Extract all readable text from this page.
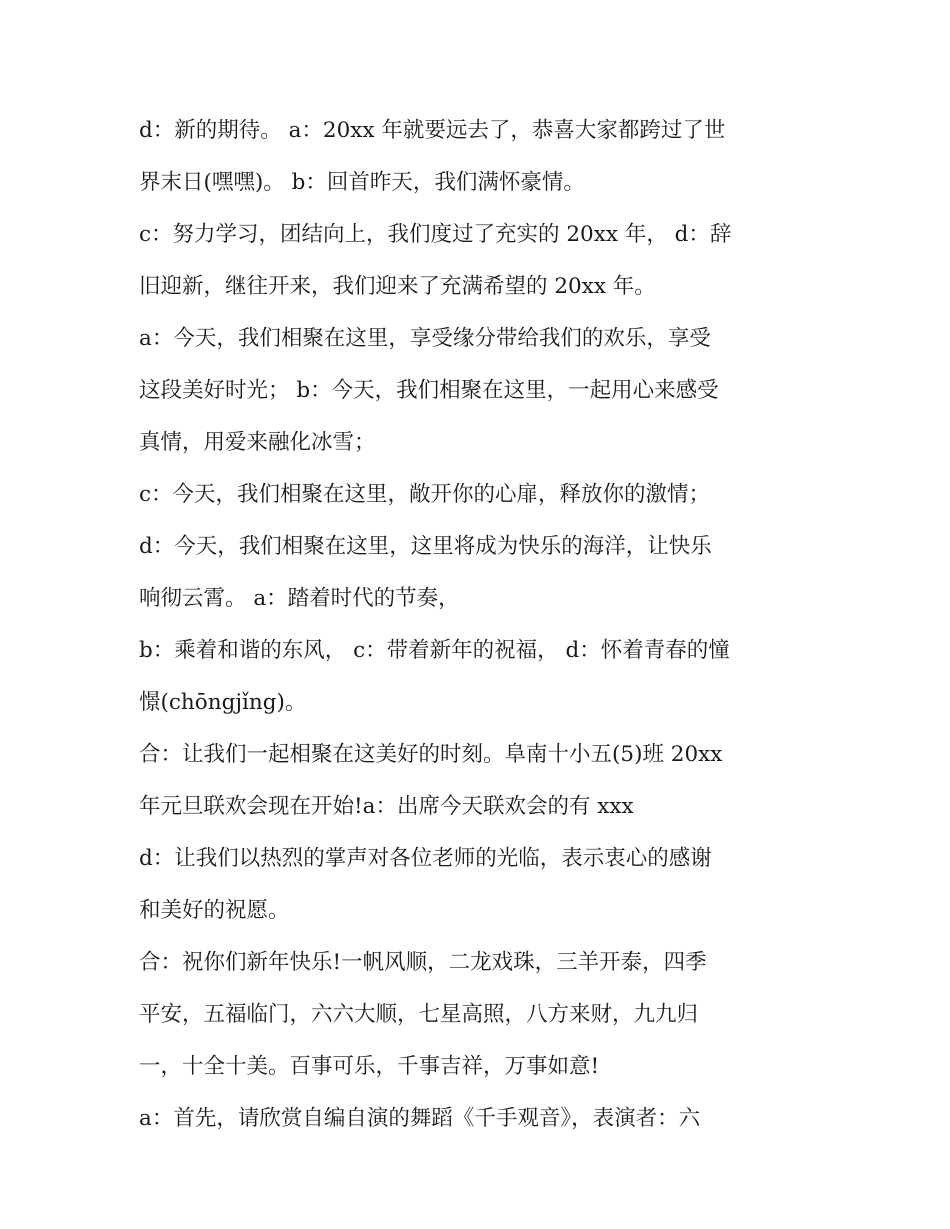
d：新的期待。 a：20xx 年就要远去了，恭喜大家都跨过了世
界末日(嘿嘿)。 b：回首昨天，我们满怀豪情。
c：努力学习，团结向上，我们度过了充实的 20xx 年， d：辞
旧迎新，继往开来，我们迎来了充满希望的 20xx 年。
a：今天，我们相聚在这里，享受缘分带给我们的欢乐，享受
这段美好时光； b：今天，我们相聚在这里，一起用心来感受
真情，用爱来融化冰雪；
c：今天，我们相聚在这里，敞开你的心扉，释放你的激情；
d：今天，我们相聚在这里，这里将成为快乐的海洋，让快乐
响彻云霄。 a：踏着时代的节奏，
b：乘着和谐的东风， c：带着新年的祝福， d：怀着青春的憧
憬(chōngjǐng)。
合：让我们一起相聚在这美好的时刻。阜南十小五(5)班 20xx
年元旦联欢会现在开始!a：出席今天联欢会的有 xxx
d：让我们以热烈的掌声对各位老师的光临，表示衷心的感谢
和美好的祝愿。
合：祝你们新年快乐!一帆风顺，二龙戏珠，三羊开泰，四季
平安，五福临门，六六大顺，七星高照，八方来财，九九归
一，十全十美。百事可乐，千事吉祥，万事如意!
a：首先，请欣赏自编自演的舞蹈《千手观音》，表演者：六
